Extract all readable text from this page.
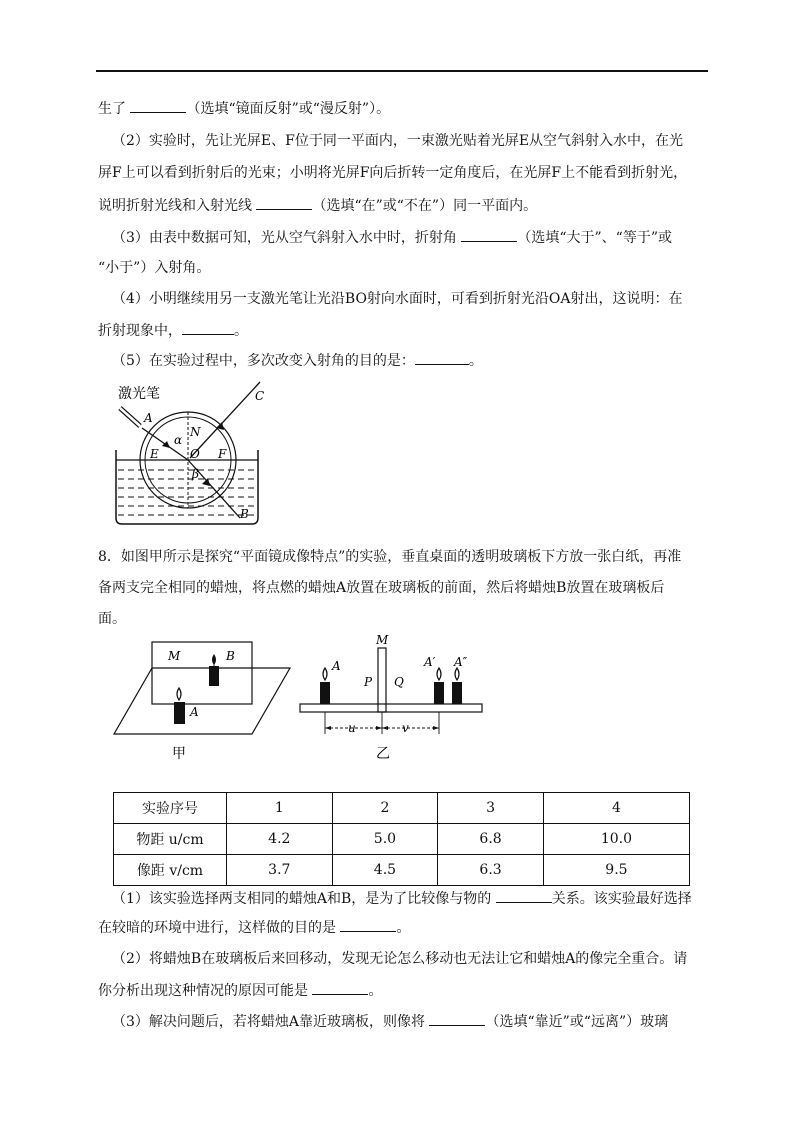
生了	（选填“镜面反射”或“漫反射”）。
（2）实验时，先让光屏E、F位于同一平面内，一束激光贴着光屏E从空气斜射入水中，在光
屏F上可以看到折射后的光束；小明将光屏F向后折转一定角度后，在光屏F上不能看到折射光，
说明折射光线和入射光线	（选填“在”或“不在”）同一平面内。
（3）由表中数据可知，光从空气斜射入水中时，折射角	（选填“大于”、“等于”或
“小于”）入射角。
（4）小明继续用另一支激光笔让光沿BO射向水面时，可看到折射光沿OA射出，这说明：在
折射现象中，	。
（5）在实验过程中，多次改变入射角的目的是：	。
激光笔
A
C
N
α
E	O F
β
B
8．如图甲所示是探究“平面镜成像特点”的实验，垂直桌面的透明玻璃板下方放一张白纸，再准
备两支完全相同的蜡烛，将点燃的蜡烛A放置在玻璃板的前面，然后将蜡烛B放置在玻璃板后
面。
M	B
A
甲
M
A
P Q
A′ A″
u	v
乙
实验序号	1	2	3	4
物距 u/cm	4.2	5.0	6.8	10.0
像距 v/cm	3.7	4.5	6.3	9.5
（1）该实验选择两支相同的蜡烛A和B，是为了比较像与物的	关系。该实验最好选择
在较暗的环境中进行，这样做的目的是	。
（2）将蜡烛B在玻璃板后来回移动，发现无论怎么移动也无法让它和蜡烛A的像完全重合。请
你分析出现这种情况的原因可能是	。
（3）解决问题后，若将蜡烛A靠近玻璃板，则像将	（选填“靠近”或“远离”）玻璃
